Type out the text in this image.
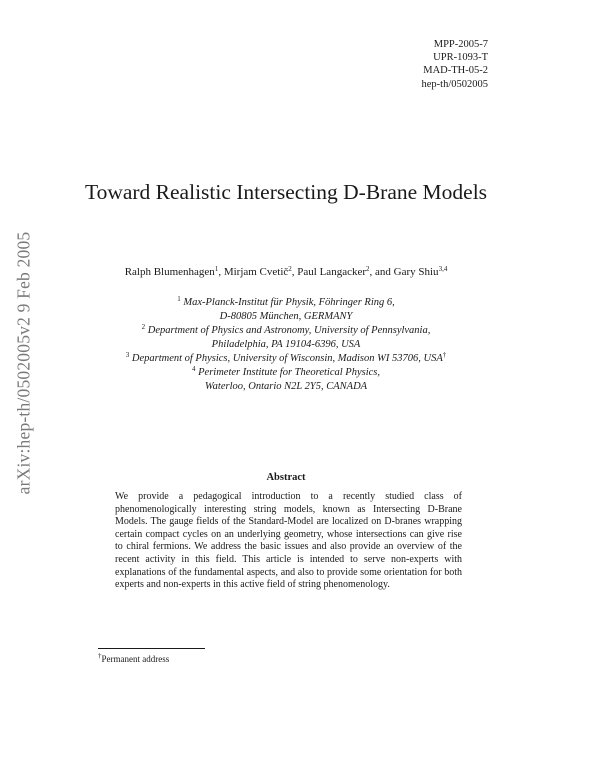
arXiv:hep-th/0502005v2 9 Feb 2005
MPP-2005-7
UPR-1093-T
MAD-TH-05-2
hep-th/0502005
Toward Realistic Intersecting D-Brane Models
Ralph Blumenhagen$^1$, Mirjam Cvetič$^2$, Paul Langacker$^2$, and Gary Shiu$^{3,4}$
$^1$ Max-Planck-Institut für Physik, Föhringer Ring 6,
D-80805 München, GERMANY
$^2$ Department of Physics and Astronomy, University of Pennsylvania,
Philadelphia, PA 19104-6396, USA
$^3$ Department of Physics, University of Wisconsin, Madison WI 53706, USA†
$^4$ Perimeter Institute for Theoretical Physics,
Waterloo, Ontario N2L 2Y5, CANADA
Abstract
We provide a pedagogical introduction to a recently studied class of phenomenologically interesting string models, known as Intersecting D-Brane Models. The gauge fields of the Standard-Model are localized on D-branes wrapping certain compact cycles on an underlying geometry, whose intersections can give rise to chiral fermions. We address the basic issues and also provide an overview of the recent activity in this field. This article is intended to serve non-experts with explanations of the fundamental aspects, and also to provide some orientation for both experts and non-experts in this active field of string phenomenology.
†Permanent address
